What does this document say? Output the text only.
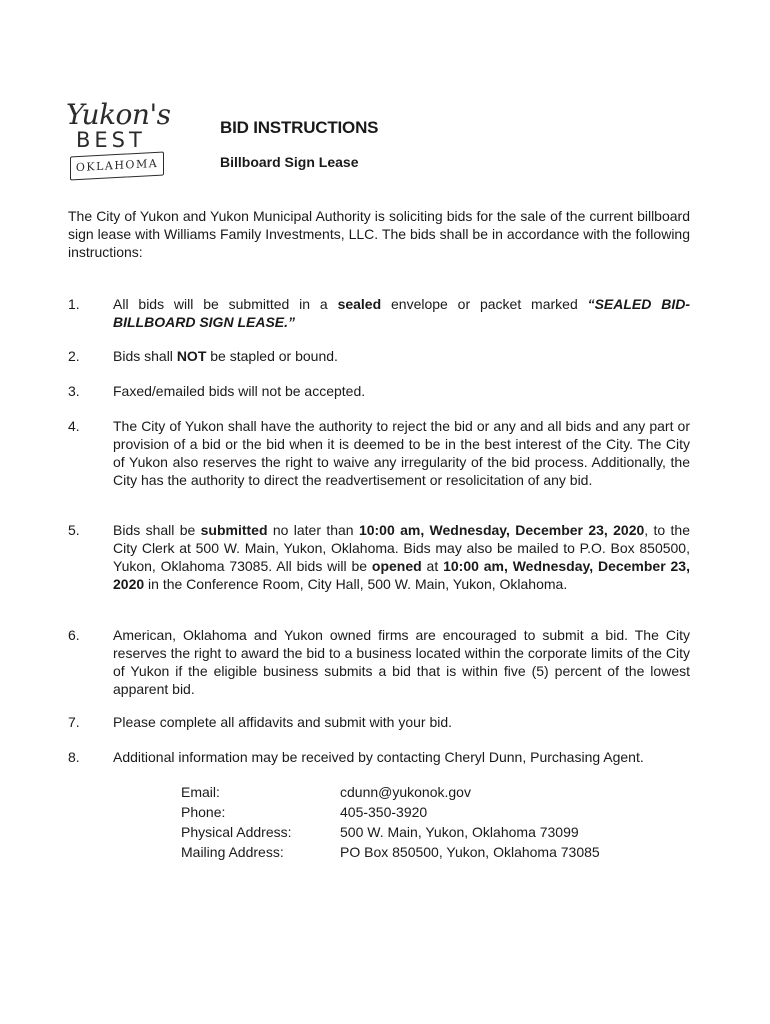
Yukon's
BEST
OKLAHOMA
BID INSTRUCTIONS
Billboard Sign Lease
The City of Yukon and Yukon Municipal Authority is soliciting bids for the sale of the current billboard sign lease with Williams Family Investments, LLC. The bids shall be in accordance with the following instructions:
1. All bids will be submitted in a sealed envelope or packet marked “SEALED BID-BILLBOARD SIGN LEASE.”
2. Bids shall NOT be stapled or bound.
3. Faxed/emailed bids will not be accepted.
4. The City of Yukon shall have the authority to reject the bid or any and all bids and any part or provision of a bid or the bid when it is deemed to be in the best interest of the City. The City of Yukon also reserves the right to waive any irregularity of the bid process. Additionally, the City has the authority to direct the readvertisement or resolicitation of any bid.
5. Bids shall be submitted no later than 10:00 am, Wednesday, December 23, 2020, to the City Clerk at 500 W. Main, Yukon, Oklahoma. Bids may also be mailed to P.O. Box 850500, Yukon, Oklahoma 73085. All bids will be opened at 10:00 am, Wednesday, December 23, 2020 in the Conference Room, City Hall, 500 W. Main, Yukon, Oklahoma.
6. American, Oklahoma and Yukon owned firms are encouraged to submit a bid. The City reserves the right to award the bid to a business located within the corporate limits of the City of Yukon if the eligible business submits a bid that is within five (5) percent of the lowest apparent bid.
7. Please complete all affidavits and submit with your bid.
8. Additional information may be received by contacting Cheryl Dunn, Purchasing Agent.
Email:	cdunn@yukonok.gov
Phone:	405-350-3920
Physical Address:	500 W. Main, Yukon, Oklahoma 73099
Mailing Address:	PO Box 850500, Yukon, Oklahoma 73085
